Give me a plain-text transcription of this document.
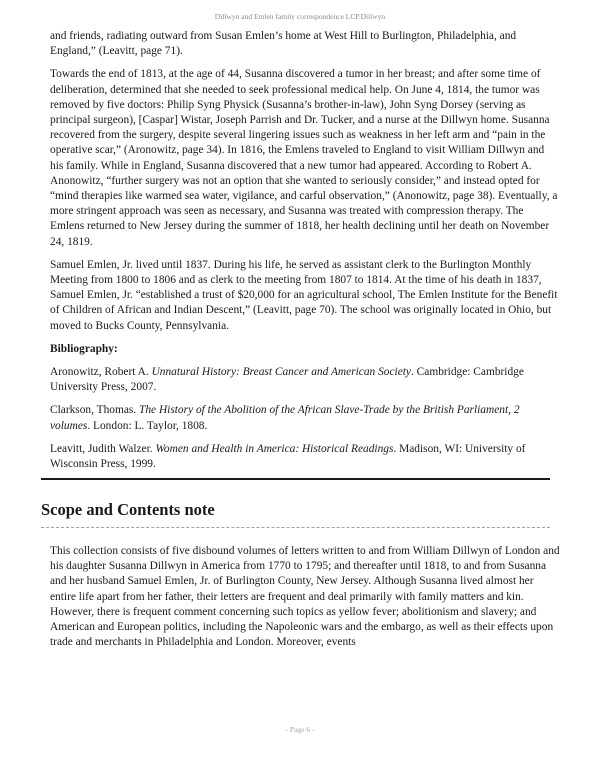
Dillwyn and Emlen family correspondence LCP.Dillwyn

and friends, radiating outward from Susan Emlen’s home at West Hill to Burlington, Philadelphia, and England,” (Leavitt, page 71).

Towards the end of 1813, at the age of 44, Susanna discovered a tumor in her breast; and after some time of deliberation, determined that she needed to seek professional medical help. On June 4, 1814, the tumor was removed by five doctors: Philip Syng Physick (Susanna’s brother-in-law), John Syng Dorsey (serving as principal surgeon), [Caspar] Wistar, Joseph Parrish and Dr. Tucker, and a nurse at the Dillwyn home. Susanna recovered from the surgery, despite several lingering issues such as weakness in her left arm and “pain in the operative scar,” (Aronowitz, page 34). In 1816, the Emlens traveled to England to visit William Dillwyn and his family. While in England, Susanna discovered that a new tumor had appeared. According to Robert A. Anonowitz, “further surgery was not an option that she wanted to seriously consider,” and instead opted for “mind therapies like warmed sea water, vigilance, and carful observation,” (Anonowitz, page 38). Eventually, a more stringent approach was seen as necessary, and Susanna was treated with compression therapy. The Emlens returned to New Jersey during the summer of 1818, her health declining until her death on November 24, 1819.

Samuel Emlen, Jr. lived until 1837. During his life, he served as assistant clerk to the Burlington Monthly Meeting from 1800 to 1806 and as clerk to the meeting from 1807 to 1814. At the time of his death in 1837, Samuel Emlen, Jr. “established a trust of $20,000 for an agricultural school, The Emlen Institute for the Benefit of Children of African and Indian Descent,” (Leavitt, page 70). The school was originally located in Ohio, but moved to Bucks County, Pennsylvania.

Bibliography:
Aronowitz, Robert A. Unnatural History: Breast Cancer and American Society. Cambridge: Cambridge University Press, 2007.
Clarkson, Thomas. The History of the Abolition of the African Slave-Trade by the British Parliament, 2 volumes. London: L. Taylor, 1808.
Leavitt, Judith Walzer. Women and Health in America: Historical Readings. Madison, WI: University of Wisconsin Press, 1999.
Scope and Contents note

This collection consists of five disbound volumes of letters written to and from William Dillwyn of London and his daughter Susanna Dillwyn in America from 1770 to 1795; and thereafter until 1818, to and from Susanna and her husband Samuel Emlen, Jr. of Burlington County, New Jersey. Although Susanna lived almost her entire life apart from her father, their letters are frequent and deal primarily with family matters and kin. However, there is frequent comment concerning such topics as yellow fever; abolitionism and slavery; and American and European politics, including the Napoleonic wars and the embargo, as well as their effects upon trade and merchants in Philadelphia and London. Moreover, events

- Page 6 -
